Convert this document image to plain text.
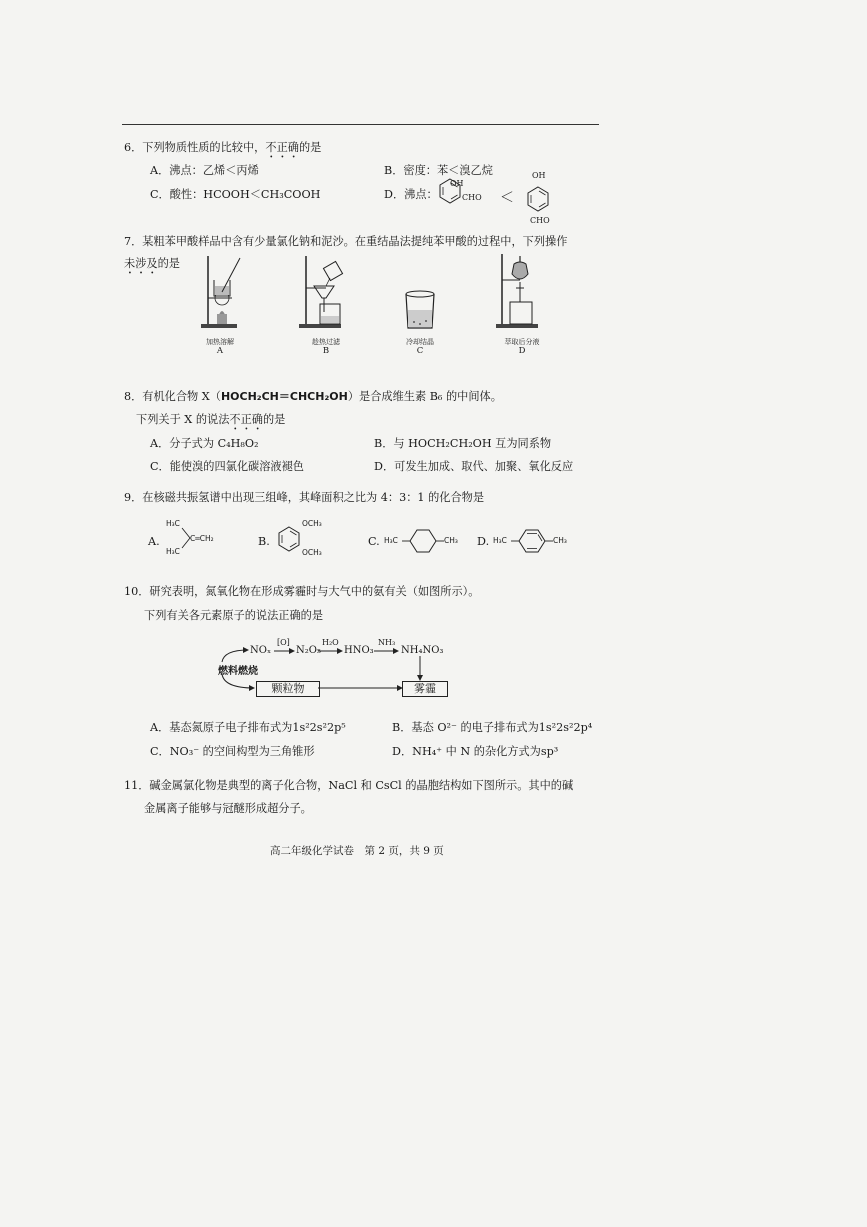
6．下列物质性质的比较中，不正确的是
A．沸点：乙烯＜丙烯	B．密度：苯＜溴乙烷
C．酸性：HCOOH＜CH₃COOH	D．沸点：
OH
CHO ＜
OH
CHO
7．某粗苯甲酸样品中含有少量氯化钠和泥沙。在重结晶法提纯苯甲酸的过程中，下列操作
未涉及的是
加热溶解
A
趁热过滤
B
冷却结晶
C
萃取后分液
D
8．有机化合物 X（HOCH₂CH＝CHCH₂OH）是合成维生素 B₆ 的中间体。
下列关于 X 的说法不正确的是
A．分子式为 C₄H₈O₂	B．与 HOCH₂CH₂OH 互为同系物
C．能使溴的四氯化碳溶液褪色	D．可发生加成、取代、加聚、氧化反应
9．在核磁共振氢谱中出现三组峰，其峰面积之比为 4：3：1 的化合物是
A.
H₃C
H₃C
C═CH₂	B.
OCH₃
OCH₃
C. H₃C	CH₃ D. H₃C	CH₃
10．研究表明，氮氧化物在形成雾霾时与大气中的氨有关（如图所示）。
下列有关各元素原子的说法正确的是
NOₓ
[O]
N₂O₅
H₂O
HNO₃
NH₃
NH₄NO₃
燃料燃烧
颗粒物	雾霾
A．基态氮原子电子排布式为1s²2s²2p⁵	B．基态 O²⁻ 的电子排布式为1s²2s²2p⁴
C．NO₃⁻ 的空间构型为三角锥形	D．NH₄⁺ 中 N 的杂化方式为sp³
11．碱金属氯化物是典型的离子化合物，NaCl 和 CsCl 的晶胞结构如下图所示。其中的碱
金属离子能够与冠醚形成超分子。
高二年级化学试卷　第 2 页，共 9 页
